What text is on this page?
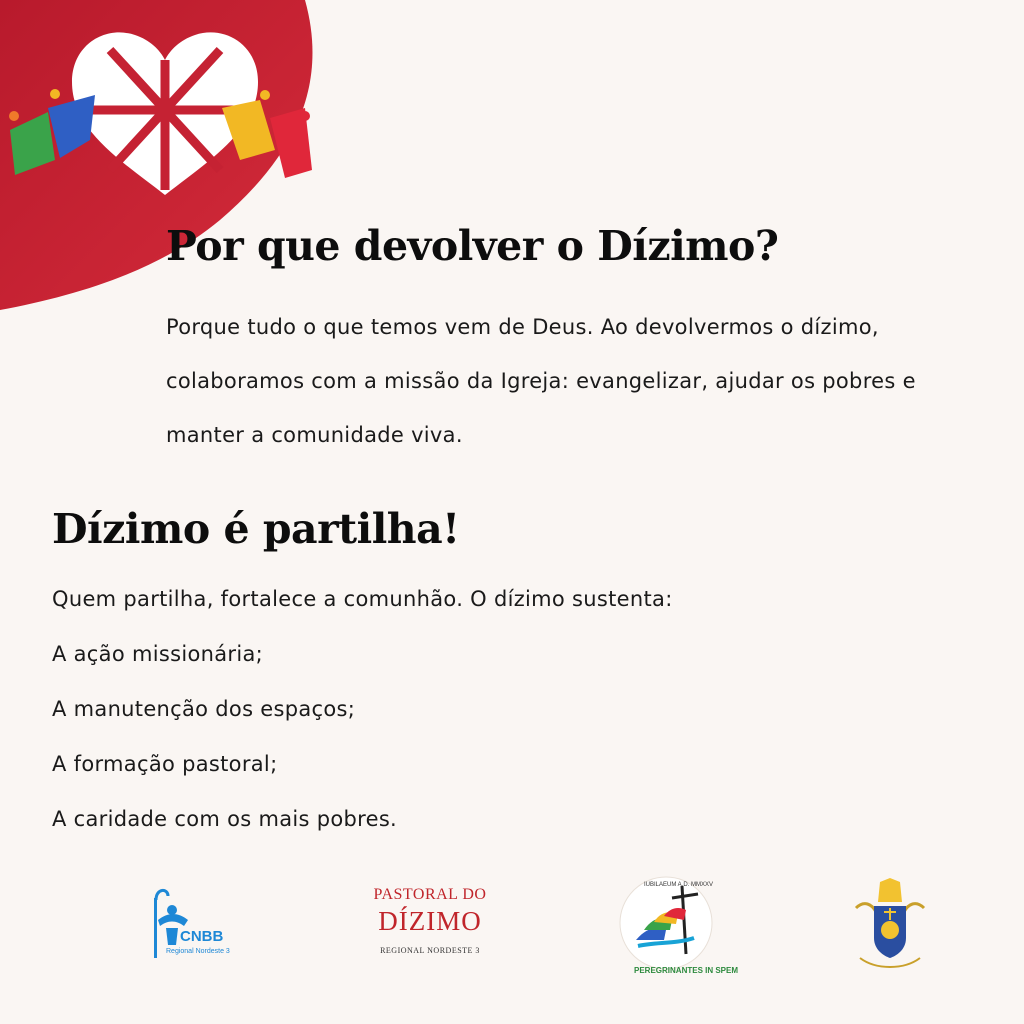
Por que devolver o Dízimo?

Porque tudo o que temos vem de Deus. Ao devolvermos o dízimo, colaboramos com a missão da Igreja: evangelizar, ajudar os pobres e manter a comunidade viva.

Dízimo é partilha!
Quem partilha, fortalece a comunhão. O dízimo sustenta:
A ação missionária;
A manutenção dos espaços;
A formação pastoral;
A caridade com os mais pobres.
CNBB
Regional Nordeste 3
PASTORAL DO
DÍZIMO
REGIONAL NORDESTE 3
IUBILAEUM A.D. MMXXV
PEREGRINANTES IN SPEM
